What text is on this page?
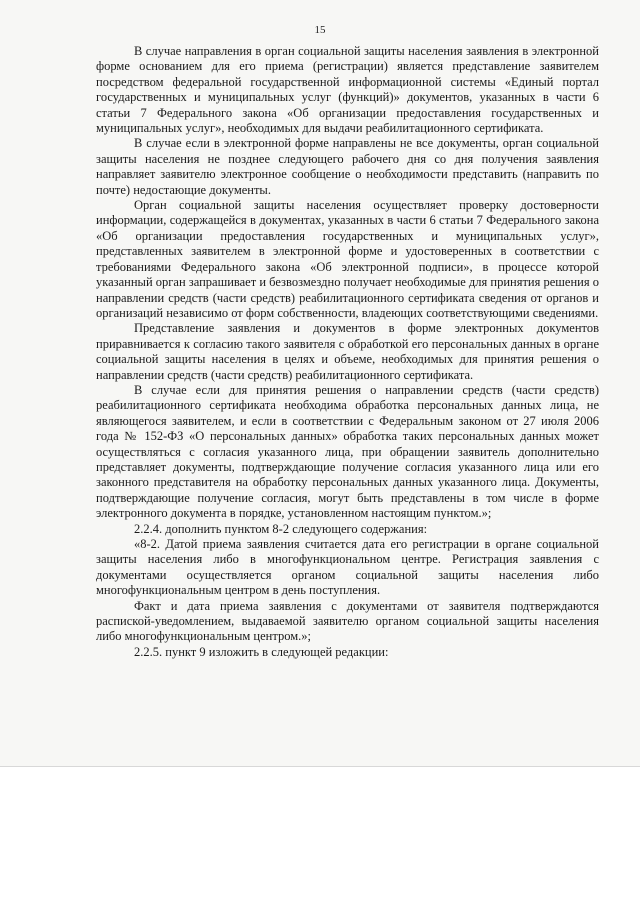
15

В случае направления в орган социальной защиты населения заявления в электронной форме основанием для его приема (регистрации) является представление заявителем посредством федеральной государственной информационной системы «Единый портал государственных и муниципальных услуг (функций)» документов, указанных в части 6 статьи 7 Федерального закона «Об организации предоставления государственных и муниципальных услуг», необходимых для выдачи реабилитационного сертификата.

В случае если в электронной форме направлены не все документы, орган социальной защиты населения не позднее следующего рабочего дня со дня получения заявления направляет заявителю электронное сообщение о необходимости представить (направить по почте) недостающие документы.

Орган социальной защиты населения осуществляет проверку достоверности информации, содержащейся в документах, указанных в части 6 статьи 7 Федерального закона «Об организации предоставления государственных и муниципальных услуг», представленных заявителем в электронной форме и удостоверенных в соответствии с требованиями Федерального закона «Об электронной подписи», в процессе которой указанный орган запрашивает и безвозмездно получает необходимые для принятия решения о направлении средств (части средств) реабилитационного сертификата сведения от органов и организаций независимо от форм собственности, владеющих соответствующими сведениями.

Представление заявления и документов в форме электронных документов приравнивается к согласию такого заявителя с обработкой его персональных данных в органе социальной защиты населения в целях и объеме, необходимых для принятия решения о направлении средств (части средств) реабилитационного сертификата.

В случае если для принятия решения о направлении средств (части средств) реабилитационного сертификата необходима обработка персональных данных лица, не являющегося заявителем, и если в соответствии с Федеральным законом от 27 июля 2006 года № 152-ФЗ «О персональных данных» обработка таких персональных данных может осуществляться с согласия указанного лица, при обращении заявитель дополнительно представляет документы, подтверждающие получение согласия указанного лица или его законного представителя на обработку персональных данных указанного лица. Документы, подтверждающие получение согласия, могут быть представлены в том числе в форме электронного документа в порядке, установленном настоящим пунктом.»;

2.2.4. дополнить пунктом 8-2 следующего содержания:

«8-2. Датой приема заявления считается дата его регистрации в органе социальной защиты населения либо в многофункциональном центре. Регистрация заявления с документами осуществляется органом социальной защиты населения либо многофункциональным центром в день поступления.

Факт и дата приема заявления с документами от заявителя подтверждаются распиской-уведомлением, выдаваемой заявителю органом социальной защиты населения либо многофункциональным центром.»;

2.2.5. пункт 9 изложить в следующей редакции:
